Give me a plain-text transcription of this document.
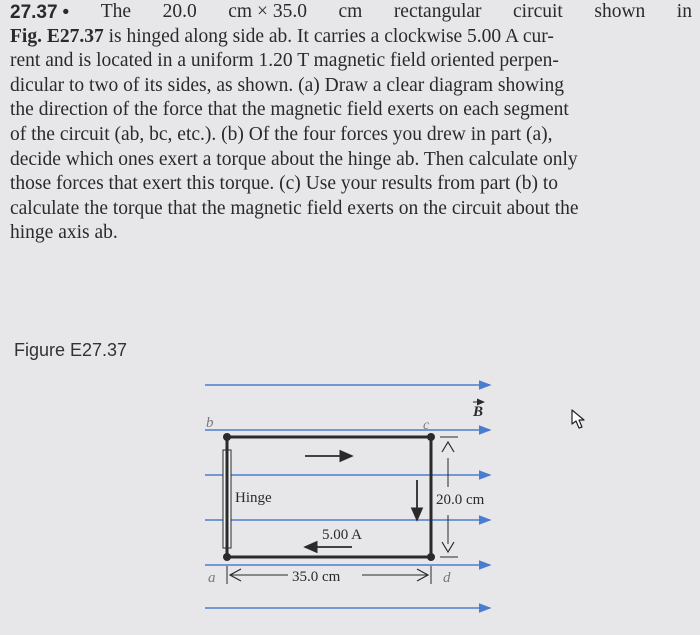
27.37 • The 20.0 cm × 35.0 cm rectangular circuit shown in
Fig. E27.37 is hinged along side ab. It carries a clockwise 5.00 A cur-
rent and is located in a uniform 1.20 T magnetic field oriented perpen-
dicular to two of its sides, as shown. (a) Draw a clear diagram showing
the direction of the force that the magnetic field exerts on each segment
of the circuit (ab, bc, etc.). (b) Of the four forces you drew in part (a),
decide which ones exert a torque about the hinge ab. Then calculate only
those forces that exert this torque. (c) Use your results from part (b) to
calculate the torque that the magnetic field exerts on the circuit about the
hinge axis ab.
Figure E27.37
B
Hinge
b	c
a	d
5.00 A
20.0 cm
35.0 cm
